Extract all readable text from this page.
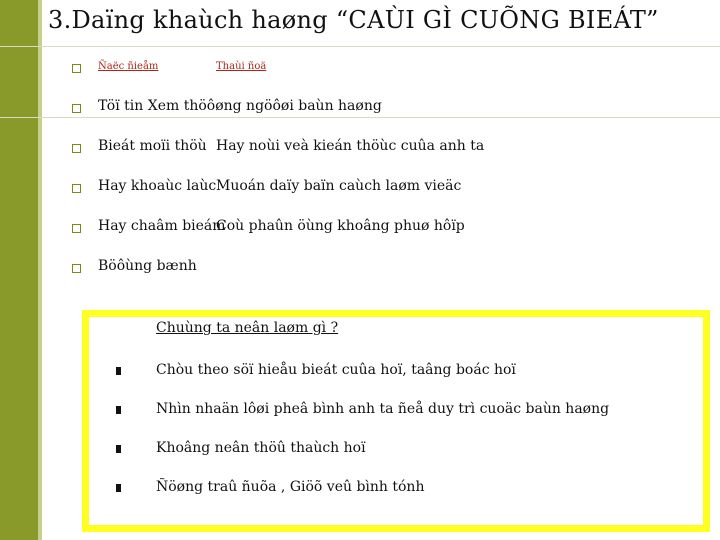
3.Daïng khaùch haøng “CAÙI GÌ CUÕNG BIEÁT”
Ñaëc ñieåm	Thaùi ñoä
Töï tin Xem thöôøng ngöôøi baùn haøng
Bieát moïi thöù Hay noùi veà kieán thöùc cuûa anh ta
Hay khoaùc laùc Muoán daïy baïn caùch laøm vieäc
Hay chaâm bieám
Coù phaûn öùng khoâng phuø hôïp
Böôùng bænh
Chuùng ta neân laøm gì ?
Chòu theo söï hieåu bieát cuûa hoï, taâng boác hoï
Nhìn nhaän lôøi pheâ bình anh ta ñeå duy trì cuoäc baùn haøng
Khoâng neân thöû thaùch hoï
Ñöøng traû ñuõa , Giöõ veû bình tónh
